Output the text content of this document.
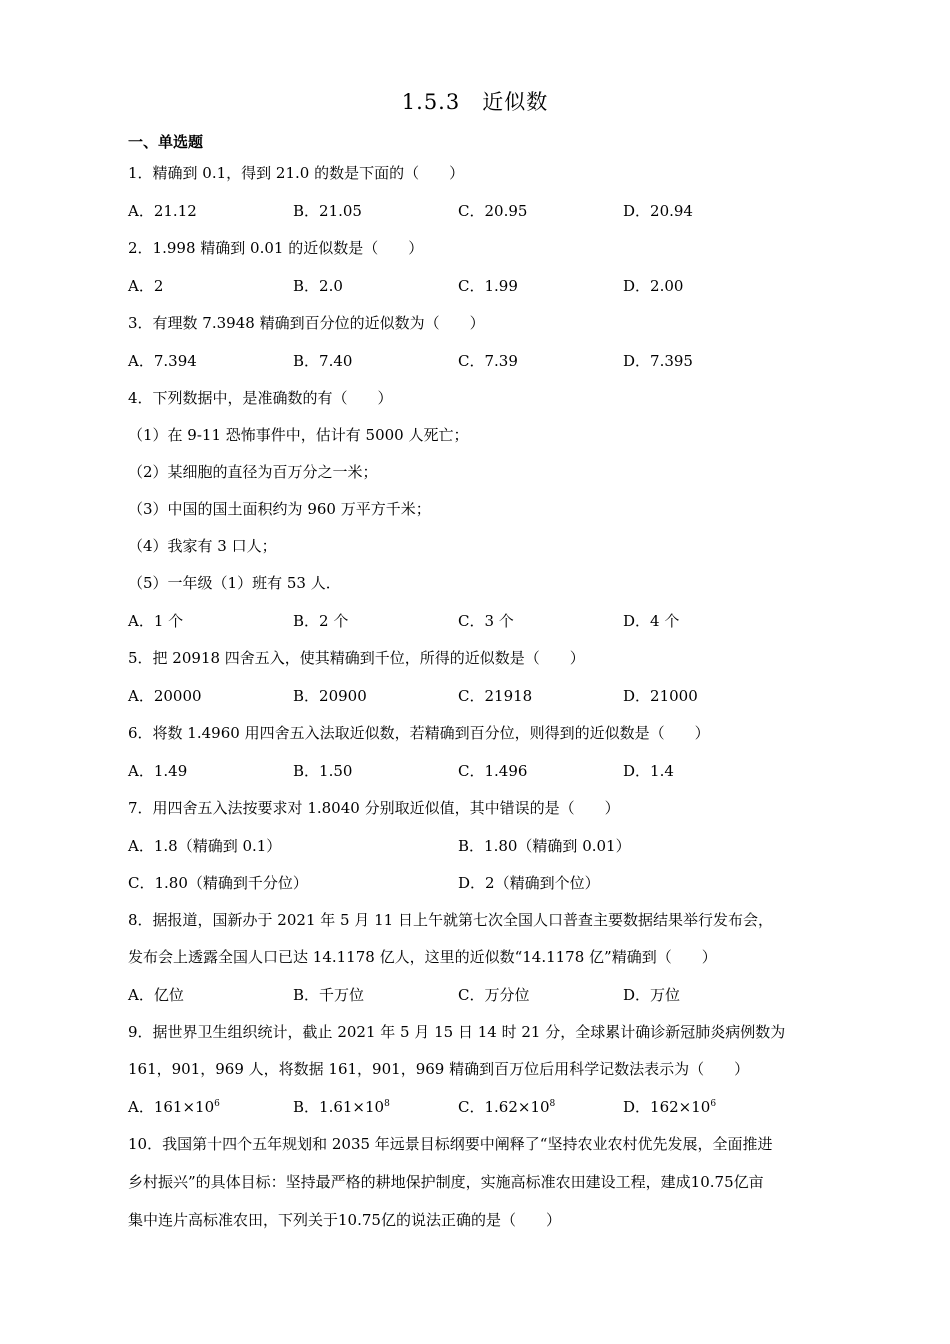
1.5.3　近似数
一、单选题
1．精确到 0.1，得到 21.0 的数是下面的（　　）
A．21.12	B．21.05	C．20.95	D．20.94
2．1.998 精确到 0.01 的近似数是（　　）
A．2	B．2.0	C．1.99	D．2.00
3．有理数 7.3948 精确到百分位的近似数为（　　）
A．7.394	B．7.40	C．7.39	D．7.395
4．下列数据中，是准确数的有（　　）
（1）在 9-11 恐怖事件中，估计有 5000 人死亡；
（2）某细胞的直径为百万分之一米；
（3）中国的国土面积约为 960 万平方千米；
（4）我家有 3 口人；
（5）一年级（1）班有 53 人．
A．1 个	B．2 个	C．3 个	D．4 个
5．把 20918 四舍五入，使其精确到千位，所得的近似数是（　　）
A．20000	B．20900	C．21918	D．21000
6．将数 1.4960 用四舍五入法取近似数，若精确到百分位，则得到的近似数是（　　）
A．1.49	B．1.50	C．1.496	D．1.4
7．用四舍五入法按要求对 1.8040 分别取近似值，其中错误的是（　　）
A．1.8（精确到 0.1）	B．1.80（精确到 0.01）
C．1.80（精确到千分位）	D．2（精确到个位）
8．据报道，国新办于 2021 年 5 月 11 日上午就第七次全国人口普查主要数据结果举行发布会，
发布会上透露全国人口已达 14.1178 亿人，这里的近似数“14.1178 亿”精确到（　　）
A．亿位	B．千万位	C．万分位	D．万位
9．据世界卫生组织统计，截止 2021 年 5 月 15 日 14 时 21 分，全球累计确诊新冠肺炎病例数为
161，901，969 人，将数据 161，901，969 精确到百万位后用科学记数法表示为（　　）
A．$161\times 10^6$	B．$1.61\times 10^8$	C．$1.62\times 10^8$	D．$162\times 10^6$
10．我国第十四个五年规划和 2035 年远景目标纲要中阐释了“坚持农业农村优先发展，全面推进
乡村振兴”的具体目标：坚持最严格的耕地保护制度，实施高标准农田建设工程，建成10.75亿亩
集中连片高标准农田，下列关于10.75亿的说法正确的是（　　）
